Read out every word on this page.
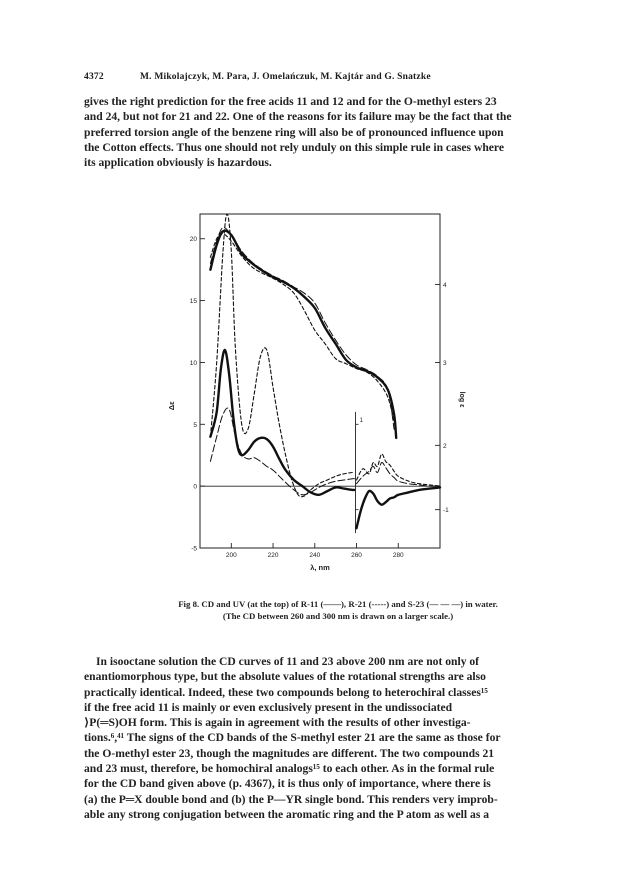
4372	M. Mikolajczyk, M. Para, J. Omelańczuk, M. Kajtár and G. Snatzke
gives the right prediction for the free acids 11 and 12 and for the O-methyl esters 23
and 24, but not for 21 and 22. One of the reasons for its failure may be the fact that the
preferred torsion angle of the benzene ring will also be of pronounced influence upon
the Cotton effects. Thus one should not rely unduly on this simple rule in cases where
its application obviously is hazardous.
-5
0
5
10
15
20
200	220	240	260	280
-1
2
3
4
1
λ, nm
Δε	log ε
Fig 8. CD and UV (at the top) of R-11 (——), R-21 (-----) and S-23 (— — —) in water.
(The CD between 260 and 300 nm is drawn on a larger scale.)
In isooctane solution the CD curves of 11 and 23 above 200 nm are not only of
enantiomorphous type, but the absolute values of the rotational strengths are also
practically identical. Indeed, these two compounds belong to heterochiral classes¹⁵
if the free acid 11 is mainly or even exclusively present in the undissociated
⟩P(═S)OH form. This is again in agreement with the results of other investiga-
tions.⁶,⁴¹ The signs of the CD bands of the S-methyl ester 21 are the same as those for
the O-methyl ester 23, though the magnitudes are different. The two compounds 21
and 23 must, therefore, be homochiral analogs¹⁵ to each other. As in the formal rule
for the CD band given above (p. 4367), it is thus only of importance, where there is
(a) the P═X double bond and (b) the P—YR single bond. This renders very improb-
able any strong conjugation between the aromatic ring and the P atom as well as a
